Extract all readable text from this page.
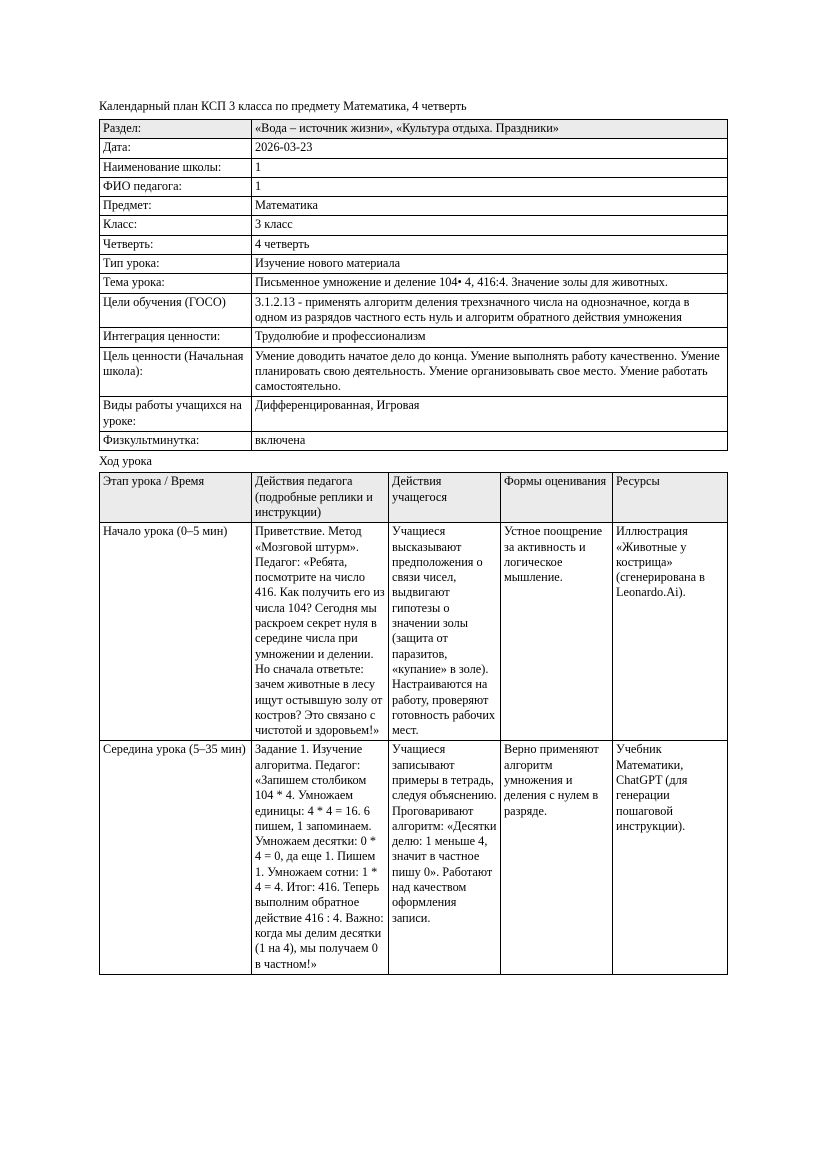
Календарный план КСП 3 класса по предмету Математика, 4 четверть

Раздел:	«Вода – источник жизни», «Культура отдыха. Праздники»
Дата:	2026-03-23
Наименование школы:	1
ФИО педагога:	1
Предмет:	Математика
Класс:	3 класс
Четверть:	4 четверть
Тип урока:	Изучение нового материала
Тема урока:	Письменное умножение и деление 104• 4, 416:4. Значение золы для животных.
Цели обучения (ГОСО)	3.1.2.13 - применять алгоритм деления трехзначного числа на однозначное, когда в одном из разрядов частного есть нуль и алгоритм обратного действия умножения
Интеграция ценности:	Трудолюбие и профессионализм
Цель ценности (Начальная школа):	Умение доводить начатое дело до конца. Умение выполнять работу качественно. Умение планировать свою деятельность. Умение организовывать свое место. Умение работать самостоятельно.
Виды работы учащихся на уроке:	Дифференцированная, Игровая
Физкультминутка:	включена

Ход урока

Этап урока / Время	Действия педагога (подробные реплики и инструкции)	Действия учащегося	Формы оценивания	Ресурсы
Начало урока (0–5 мин)	Приветствие. Метод «Мозговой штурм». Педагог: «Ребята, посмотрите на число 416. Как получить его из числа 104? Сегодня мы раскроем секрет нуля в середине числа при умножении и делении. Но сначала ответьте: зачем животные в лесу ищут остывшую золу от костров? Это связано с чистотой и здоровьем!»	Учащиеся высказывают предположения о связи чисел, выдвигают гипотезы о значении золы (защита от паразитов, «купание» в золе). Настраиваются на работу, проверяют готовность рабочих мест.	Устное поощрение за активность и логическое мышление.	Иллюстрация «Животные у кострища» (сгенерирована в Leonardo.Ai).
Середина урока (5–35 мин)	Задание 1. Изучение алгоритма. Педагог: «Запишем столбиком 104 * 4. Умножаем единицы: 4 * 4 = 16. 6 пишем, 1 запоминаем. Умножаем десятки: 0 * 4 = 0, да еще 1. Пишем 1. Умножаем сотни: 1 * 4 = 4. Итог: 416. Теперь выполним обратное действие 416 : 4. Важно: когда мы делим десятки (1 на 4), мы получаем 0 в частном!»	Учащиеся записывают примеры в тетрадь, следуя объяснению. Проговаривают алгоритм: «Десятки делю: 1 меньше 4, значит в частное пишу 0». Работают над качеством оформления записи.	Верно применяют алгоритм умножения и деления с нулем в разряде.	Учебник Математики, ChatGPT (для генерации пошаговой инструкции).
